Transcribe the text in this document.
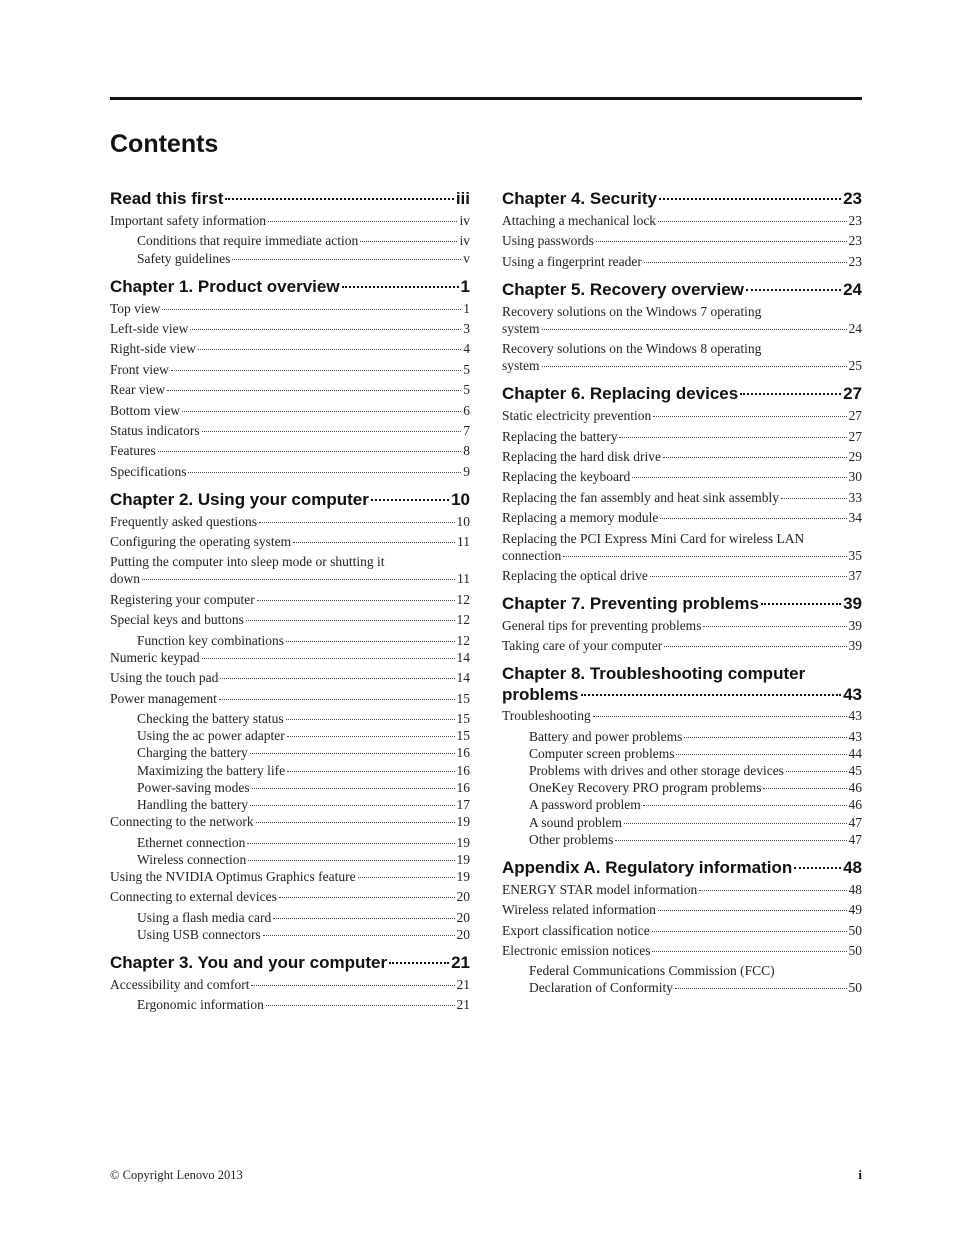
Contents
Read this first	iii
Important safety information	iv
Conditions that require immediate action	iv
Safety guidelines	v
Chapter 1. Product overview	1
Top view	1
Left-side view	3
Right-side view	4
Front view	5
Rear view	5
Bottom view	6
Status indicators	7
Features	8
Specifications	9
Chapter 2. Using your computer	10
Frequently asked questions	10
Configuring the operating system	11
Putting the computer into sleep mode or shutting it
down	11
Registering your computer	12
Special keys and buttons	12
Function key combinations	12
Numeric keypad	14
Using the touch pad	14
Power management	15
Checking the battery status	15
Using the ac power adapter	15
Charging the battery	16
Maximizing the battery life	16
Power-saving modes	16
Handling the battery	17
Connecting to the network	19
Ethernet connection	19
Wireless connection	19
Using the NVIDIA Optimus Graphics feature	19
Connecting to external devices	20
Using a flash media card	20
Using USB connectors	20
Chapter 3. You and your computer	21
Accessibility and comfort	21
Ergonomic information	21
Chapter 4. Security	23
Attaching a mechanical lock	23
Using passwords	23
Using a fingerprint reader	23
Chapter 5. Recovery overview	24
Recovery solutions on the Windows 7 operating
system	24
Recovery solutions on the Windows 8 operating
system	25
Chapter 6. Replacing devices	27
Static electricity prevention	27
Replacing the battery	27
Replacing the hard disk drive	29
Replacing the keyboard	30
Replacing the fan assembly and heat sink assembly	33
Replacing a memory module	34
Replacing the PCI Express Mini Card for wireless LAN
connection	35
Replacing the optical drive	37
Chapter 7. Preventing problems	39
General tips for preventing problems	39
Taking care of your computer	39
Chapter 8. Troubleshooting computer
problems	43
Troubleshooting	43
Battery and power problems	43
Computer screen problems	44
Problems with drives and other storage devices	45
OneKey Recovery PRO program problems	46
A password problem	46
A sound problem	47
Other problems	47
Appendix A. Regulatory information	48
ENERGY STAR model information	48
Wireless related information	49
Export classification notice	50
Electronic emission notices	50
Federal Communications Commission (FCC)
Declaration of Conformity	50
© Copyright Lenovo 2013	i
